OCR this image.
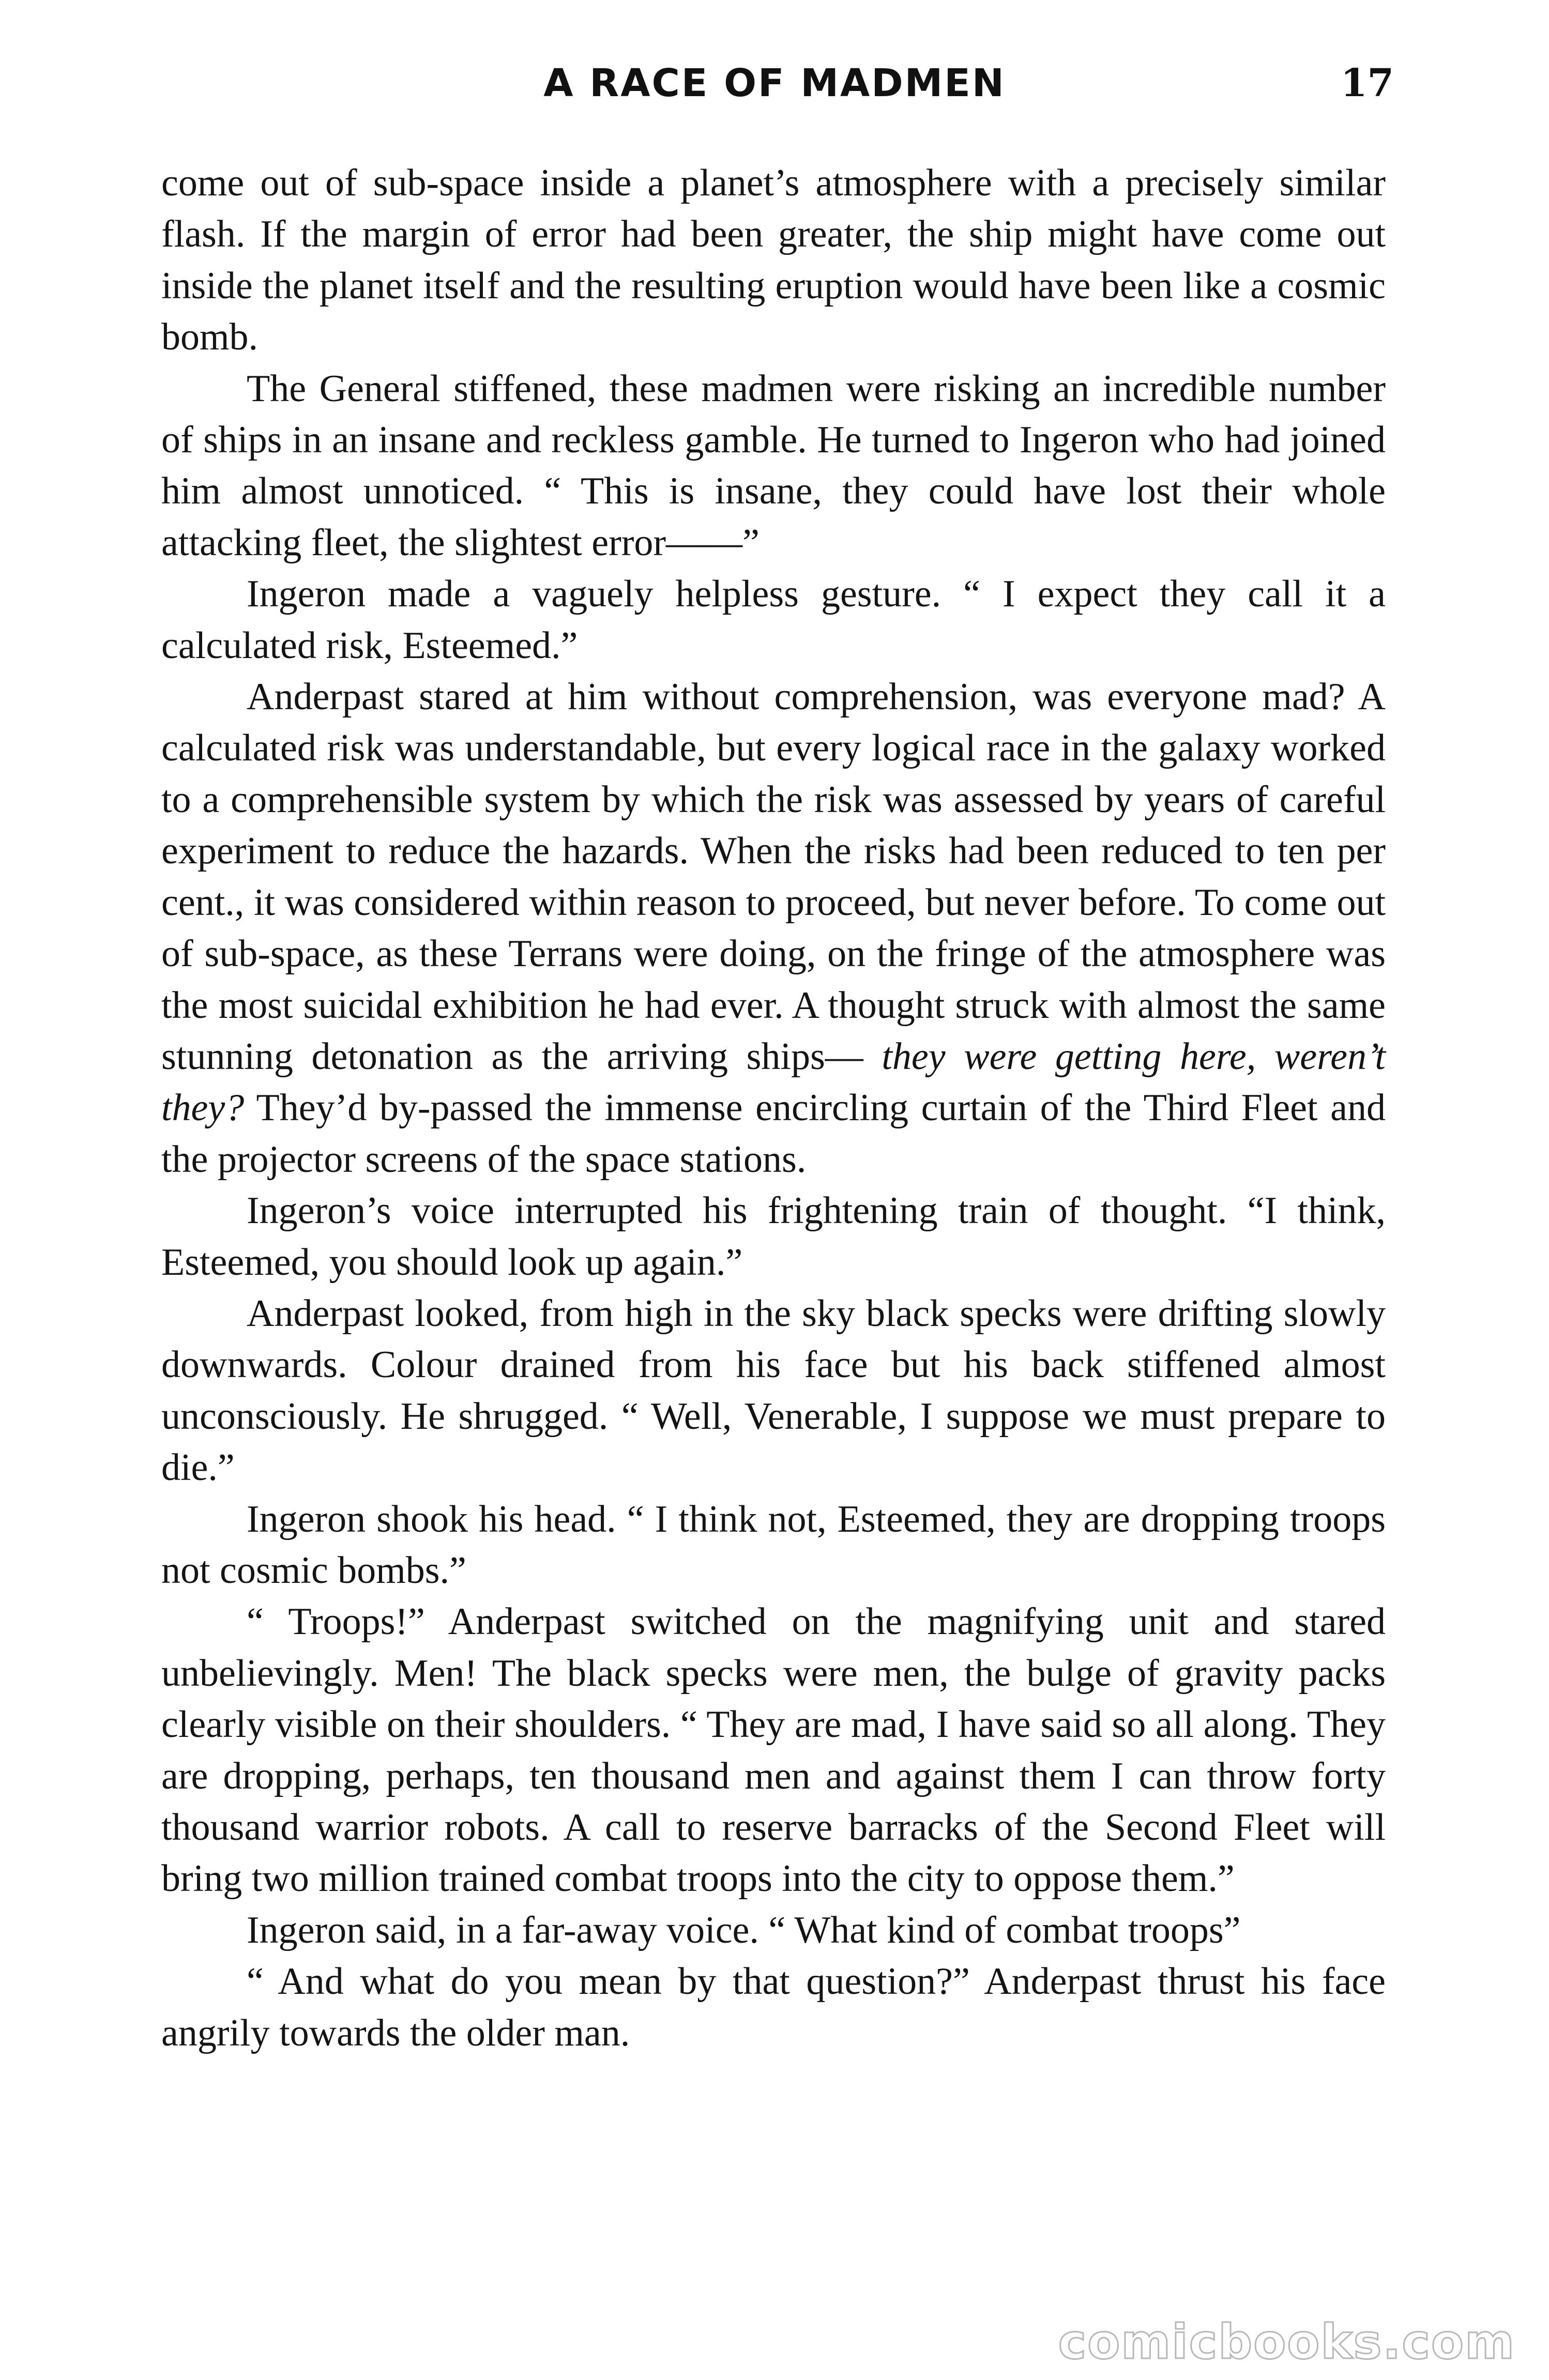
A RACE OF MADMEN	17

come out of sub-space inside a planet’s atmosphere with a precisely similar flash. If the margin of error had been greater, the ship might have come out inside the planet itself and the resulting eruption would have been like a cosmic bomb.

The General stiffened, these madmen were risking an incredible number of ships in an insane and reckless gamble. He turned to Ingeron who had joined him almost unnoticed. “ This is insane, they could have lost their whole attacking fleet, the slightest error——”

Ingeron made a vaguely helpless gesture. “ I expect they call it a calculated risk, Esteemed.”

Anderpast stared at him without comprehension, was everyone mad? A calculated risk was understandable, but every logical race in the galaxy worked to a comprehensible system by which the risk was assessed by years of careful experiment to reduce the hazards. When the risks had been reduced to ten per cent., it was considered within reason to proceed, but never before. To come out of sub-space, as these Terrans were doing, on the fringe of the atmosphere was the most suicidal exhibition he had ever. A thought struck with almost the same stunning detonation as the arriving ships— they were getting here, weren’t they? They’d by-passed the immense encircling curtain of the Third Fleet and the projector screens of the space stations.

Ingeron’s voice interrupted his frightening train of thought. “I think, Esteemed, you should look up again.”

Anderpast looked, from high in the sky black specks were drifting slowly downwards. Colour drained from his face but his back stiffened almost unconsciously. He shrugged. “ Well, Venerable, I suppose we must prepare to die.”

Ingeron shook his head. “ I think not, Esteemed, they are dropping troops not cosmic bombs.”

“ Troops!” Anderpast switched on the magnifying unit and stared unbelievingly. Men! The black specks were men, the bulge of gravity packs clearly visible on their shoulders. “ They are mad, I have said so all along. They are dropping, perhaps, ten thousand men and against them I can throw forty thousand warrior robots. A call to reserve barracks of the Second Fleet will bring two million trained combat troops into the city to oppose them.”

Ingeron said, in a far-away voice. “ What kind of combat troops”

“ And what do you mean by that question?” Anderpast thrust his face angrily towards the older man.

comicbooks.com
